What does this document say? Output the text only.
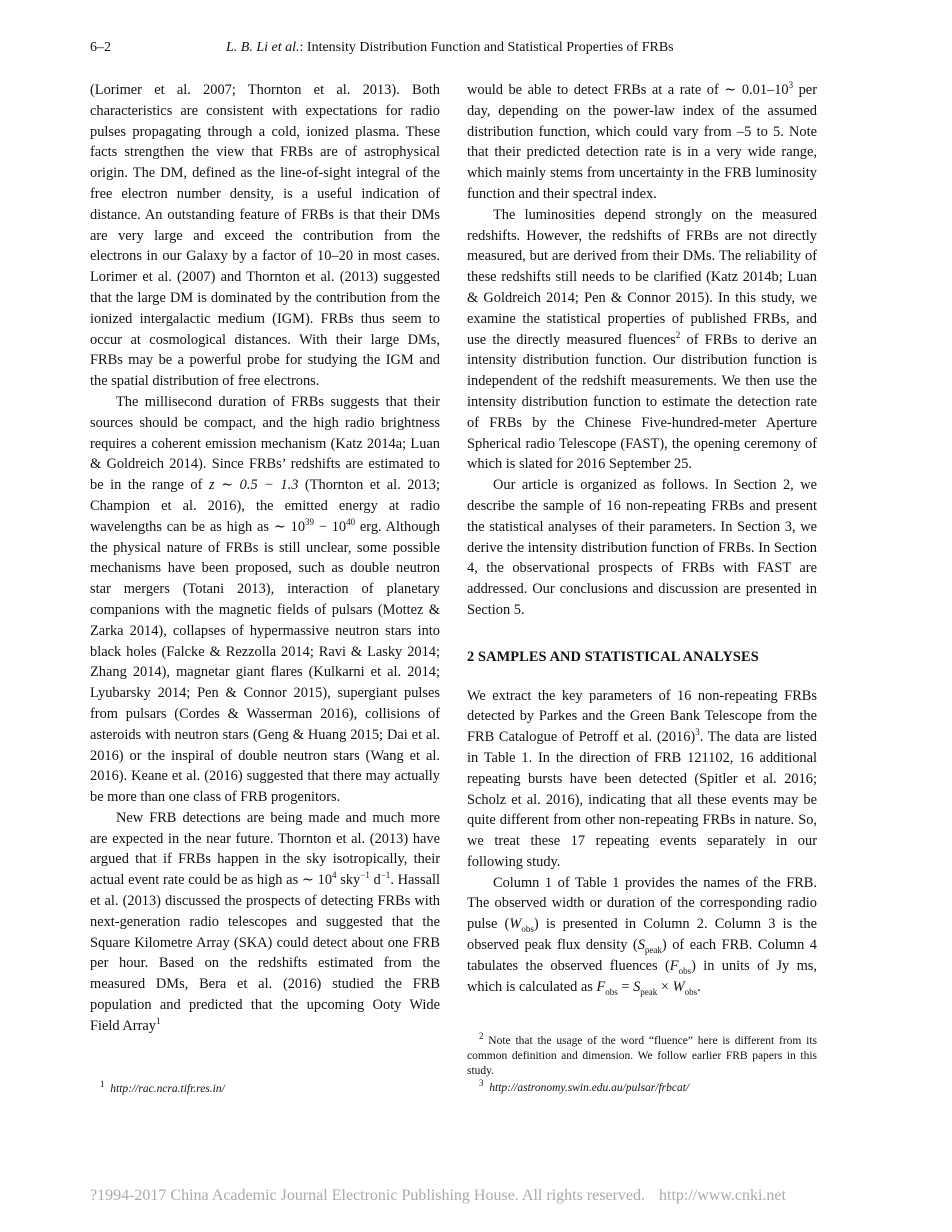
6–2	L. B. Li et al.: Intensity Distribution Function and Statistical Properties of FRBs

(Lorimer et al. 2007; Thornton et al. 2013). Both characteristics are consistent with expectations for radio pulses propagating through a cold, ionized plasma. These facts strengthen the view that FRBs are of astrophysical origin. The DM, defined as the line-of-sight integral of the free electron number density, is a useful indication of distance. An outstanding feature of FRBs is that their DMs are very large and exceed the contribution from the electrons in our Galaxy by a factor of 10–20 in most cases. Lorimer et al. (2007) and Thornton et al. (2013) suggested that the large DM is dominated by the contribution from the ionized intergalactic medium (IGM). FRBs thus seem to occur at cosmological distances. With their large DMs, FRBs may be a powerful probe for studying the IGM and the spatial distribution of free electrons.

The millisecond duration of FRBs suggests that their sources should be compact, and the high radio brightness requires a coherent emission mechanism (Katz 2014a; Luan & Goldreich 2014). Since FRBs’ redshifts are estimated to be in the range of z ∼ 0.5 − 1.3 (Thornton et al. 2013; Champion et al. 2016), the emitted energy at radio wavelengths can be as high as ∼ $10^{39} - 10^{40}$ erg. Although the physical nature of FRBs is still unclear, some possible mechanisms have been proposed, such as double neutron star mergers (Totani 2013), interaction of planetary companions with the magnetic fields of pulsars (Mottez & Zarka 2014), collapses of hypermassive neutron stars into black holes (Falcke & Rezzolla 2014; Ravi & Lasky 2014; Zhang 2014), magnetar giant flares (Kulkarni et al. 2014; Lyubarsky 2014; Pen & Connor 2015), supergiant pulses from pulsars (Cordes & Wasserman 2016), collisions of asteroids with neutron stars (Geng & Huang 2015; Dai et al. 2016) or the inspiral of double neutron stars (Wang et al. 2016). Keane et al. (2016) suggested that there may actually be more than one class of FRB progenitors.

New FRB detections are being made and much more are expected in the near future. Thornton et al. (2013) have argued that if FRBs happen in the sky isotropically, their actual event rate could be as high as ∼ $10^4$ sky$^{-1}$ $d^{-1}$. Hassall et al. (2013) discussed the prospects of detecting FRBs with next-generation radio telescopes and suggested that the Square Kilometre Array (SKA) could detect about one FRB per hour. Based on the redshifts estimated from the measured DMs, Bera et al. (2016) studied the FRB population and predicted that the upcoming Ooty Wide Field Array$^1$

would be able to detect FRBs at a rate of ∼ $0.01-10^3$ per day, depending on the power-law index of the assumed distribution function, which could vary from –5 to 5. Note that their predicted detection rate is in a very wide range, which mainly stems from uncertainty in the FRB luminosity function and their spectral index.

The luminosities depend strongly on the measured redshifts. However, the redshifts of FRBs are not directly measured, but are derived from their DMs. The reliability of these redshifts still needs to be clarified (Katz 2014b; Luan & Goldreich 2014; Pen & Connor 2015). In this study, we examine the statistical properties of published FRBs, and use the directly measured fluences$^2$ of FRBs to derive an intensity distribution function. Our distribution function is independent of the redshift measurements. We then use the intensity distribution function to estimate the detection rate of FRBs by the Chinese Five-hundred-meter Aperture Spherical radio Telescope (FAST), the opening ceremony of which is slated for 2016 September 25.

Our article is organized as follows. In Section 2, we describe the sample of 16 non-repeating FRBs and present the statistical analyses of their parameters. In Section 3, we derive the intensity distribution function of FRBs. In Section 4, the observational prospects of FRBs with FAST are addressed. Our conclusions and discussion are presented in Section 5.

2 SAMPLES AND STATISTICAL ANALYSES

We extract the key parameters of 16 non-repeating FRBs detected by Parkes and the Green Bank Telescope from the FRB Catalogue of Petroff et al. $(2016)^3$. The data are listed in Table 1. In the direction of FRB 121102, 16 additional repeating bursts have been detected (Spitler et al. 2016; Scholz et al. 2016), indicating that all these events may be quite different from other non-repeating FRBs in nature. So, we treat these 17 repeating events separately in our following study.

Column 1 of Table 1 provides the names of the FRB. The observed width or duration of the corresponding radio pulse $(W_{obs})$ is presented in Column 2. Column 3 is the observed peak flux density $(S_{peak})$ of each FRB. Column 4 tabulates the observed fluences $(F_{obs})$ in units of Jy ms, which is calculated as $F_{obs} = S_{peak} \times W_{obs}$.

$^1$ http://rac.ncra.tifr.res.in/

$^2$ Note that the usage of the word “fluence” here is different from its common definition and dimension. We follow earlier FRB papers in this study.

$^3$ http://astronomy.swin.edu.au/pulsar/frbcat/

?1994-2017 China Academic Journal Electronic Publishing House. All rights reserved. http://www.cnki.net
